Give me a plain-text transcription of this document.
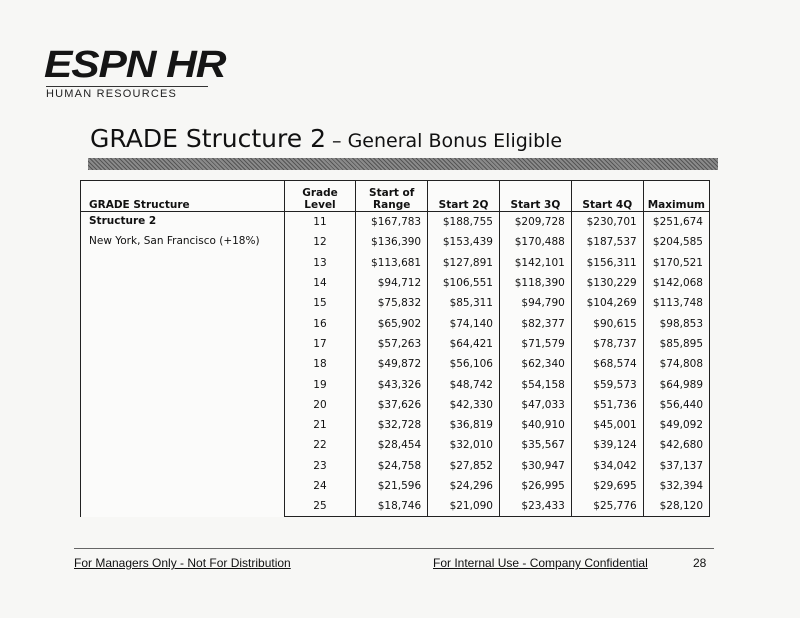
ESPN HR
HUMAN RESOURCES
GRADE Structure 2 – General Bonus Eligible
GRADE Structure	Grade Level	Start of Range	Start 2Q	Start 3Q	Start 4Q	Maximum

Structure 2
New York, San Francisco (+18%)	11	$167,783	$188,755	$209,728	$230,701	$251,674
	12	$136,390	$153,439	$170,488	$187,537	$204,585
	13	$113,681	$127,891	$142,101	$156,311	$170,521
	14	$94,712	$106,551	$118,390	$130,229	$142,068
	15	$75,832	$85,311	$94,790	$104,269	$113,748
	16	$65,902	$74,140	$82,377	$90,615	$98,853
	17	$57,263	$64,421	$71,579	$78,737	$85,895
	18	$49,872	$56,106	$62,340	$68,574	$74,808
	19	$43,326	$48,742	$54,158	$59,573	$64,989
	20	$37,626	$42,330	$47,033	$51,736	$56,440
	21	$32,728	$36,819	$40,910	$45,001	$49,092
	22	$28,454	$32,010	$35,567	$39,124	$42,680
	23	$24,758	$27,852	$30,947	$34,042	$37,137
	24	$21,596	$24,296	$26,995	$29,695	$32,394
	25	$18,746	$21,090	$23,433	$25,776	$28,120
For Managers Only - Not For Distribution	For Internal Use - Company Confidential	28
